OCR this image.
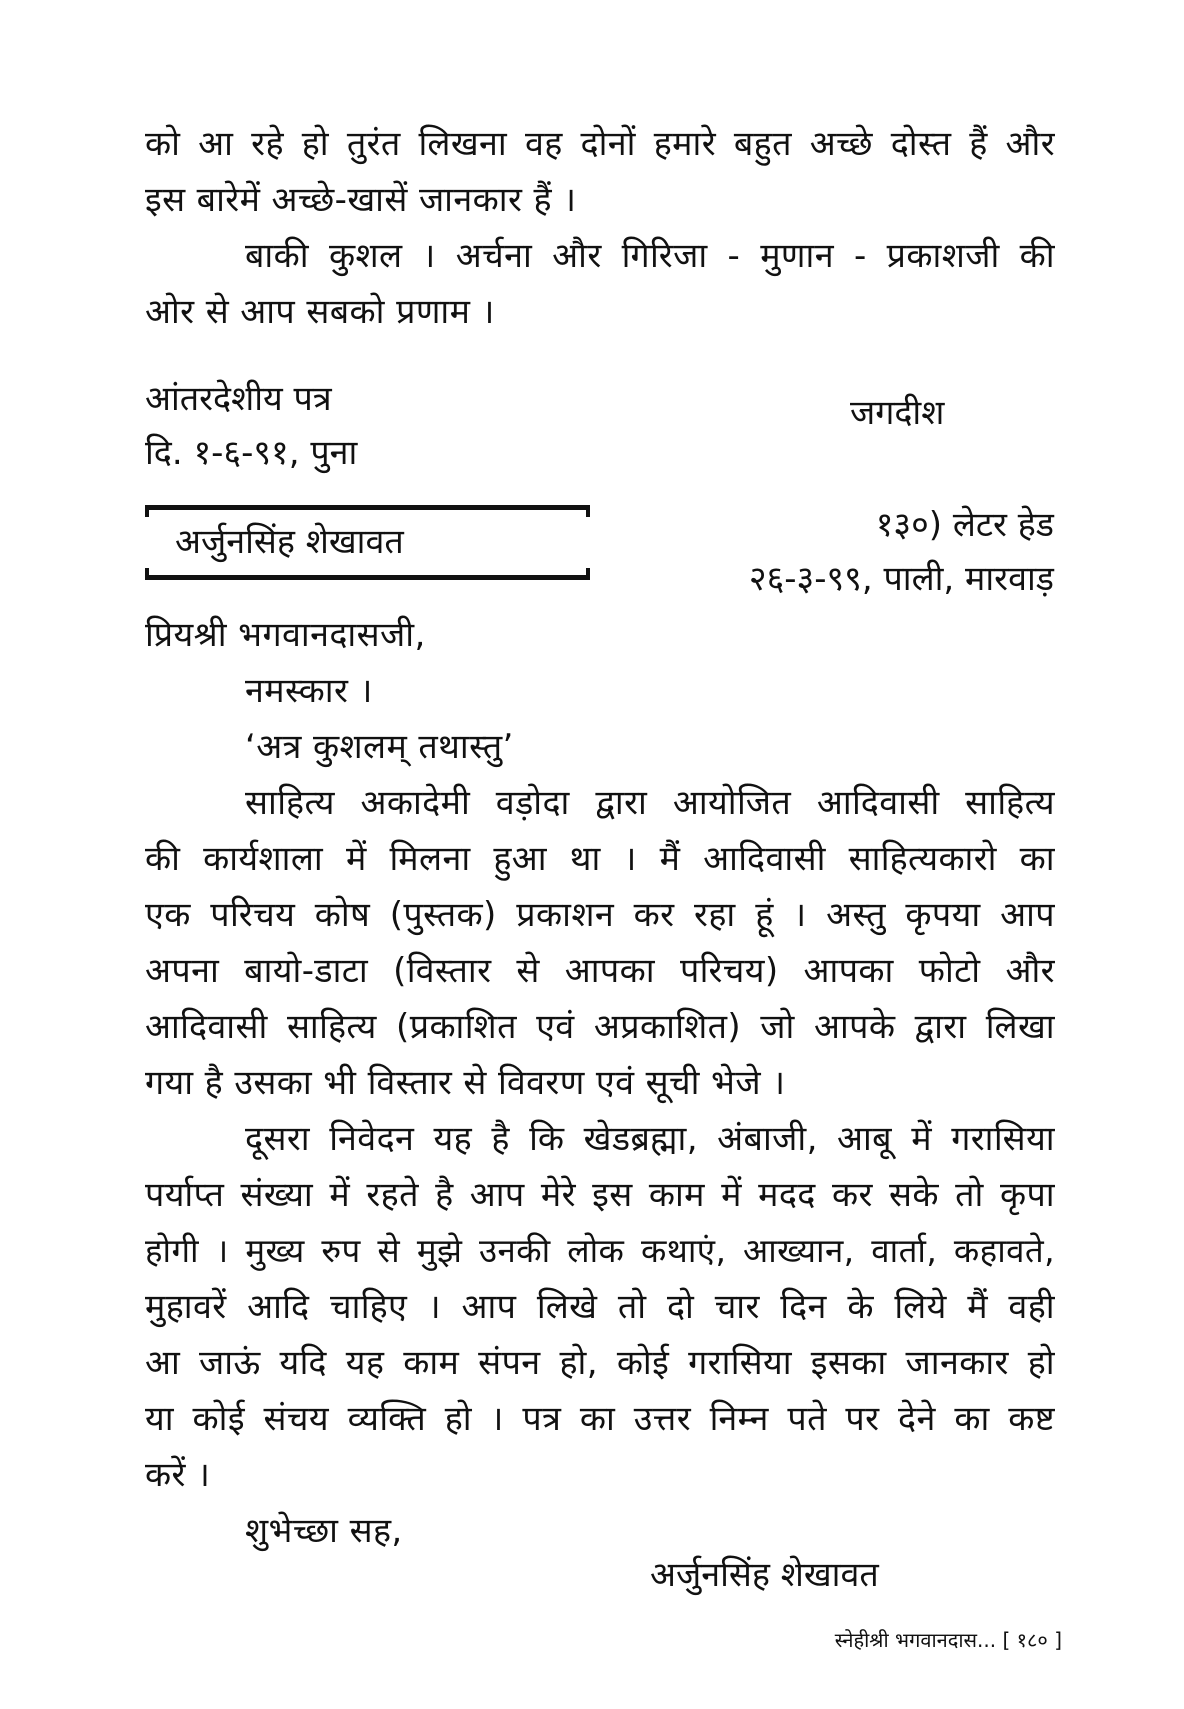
को आ रहे हो तुरंत लिखना वह दोनों हमारे बहुत अच्छे दोस्त हैं और
इस बारेमें अच्छे-खासें जानकार हैं ।
बाकी कुशल । अर्चना और गिरिजा - मुणान - प्रकाशजी की
ओर से आप सबको प्रणाम ।
आंतरदेशीय पत्र
दि. १-६-९१, पुना
जगदीश
अर्जुनसिंह शेखावत	१३०) लेटर हेड
२६-३-९९, पाली, मारवाड़
प्रियश्री भगवानदासजी,
नमस्कार ।
‘अत्र कुशलम् तथास्तु’
साहित्य अकादेमी वड़ोदा द्वारा आयोजित आदिवासी साहित्य
की कार्यशाला में मिलना हुआ था । मैं आदिवासी साहित्यकारो का
एक परिचय कोष (पुस्तक) प्रकाशन कर रहा हूं । अस्तु कृपया आप
अपना बायो-डाटा (विस्तार से आपका परिचय) आपका फोटो और
आदिवासी साहित्य (प्रकाशित एवं अप्रकाशित) जो आपके द्वारा लिखा
गया है उसका भी विस्तार से विवरण एवं सूची भेजे ।
दूसरा निवेदन यह है कि खेडब्रह्मा, अंबाजी, आबू में गरासिया
पर्याप्त संख्या में रहते है आप मेरे इस काम में मदद कर सके तो कृपा
होगी । मुख्य रुप से मुझे उनकी लोक कथाएं, आख्यान, वार्ता, कहावते,
मुहावरें आदि चाहिए । आप लिखे तो दो चार दिन के लिये मैं वही
आ जाऊं यदि यह काम संपन हो, कोई गरासिया इसका जानकार हो
या कोई संचय व्यक्ति हो । पत्र का उत्तर निम्न पते पर देने का कष्ट
करें ।
शुभेच्छा सह,
अर्जुनसिंह शेखावत
स्नेहीश्री भगवानदास... [ १८० ]
